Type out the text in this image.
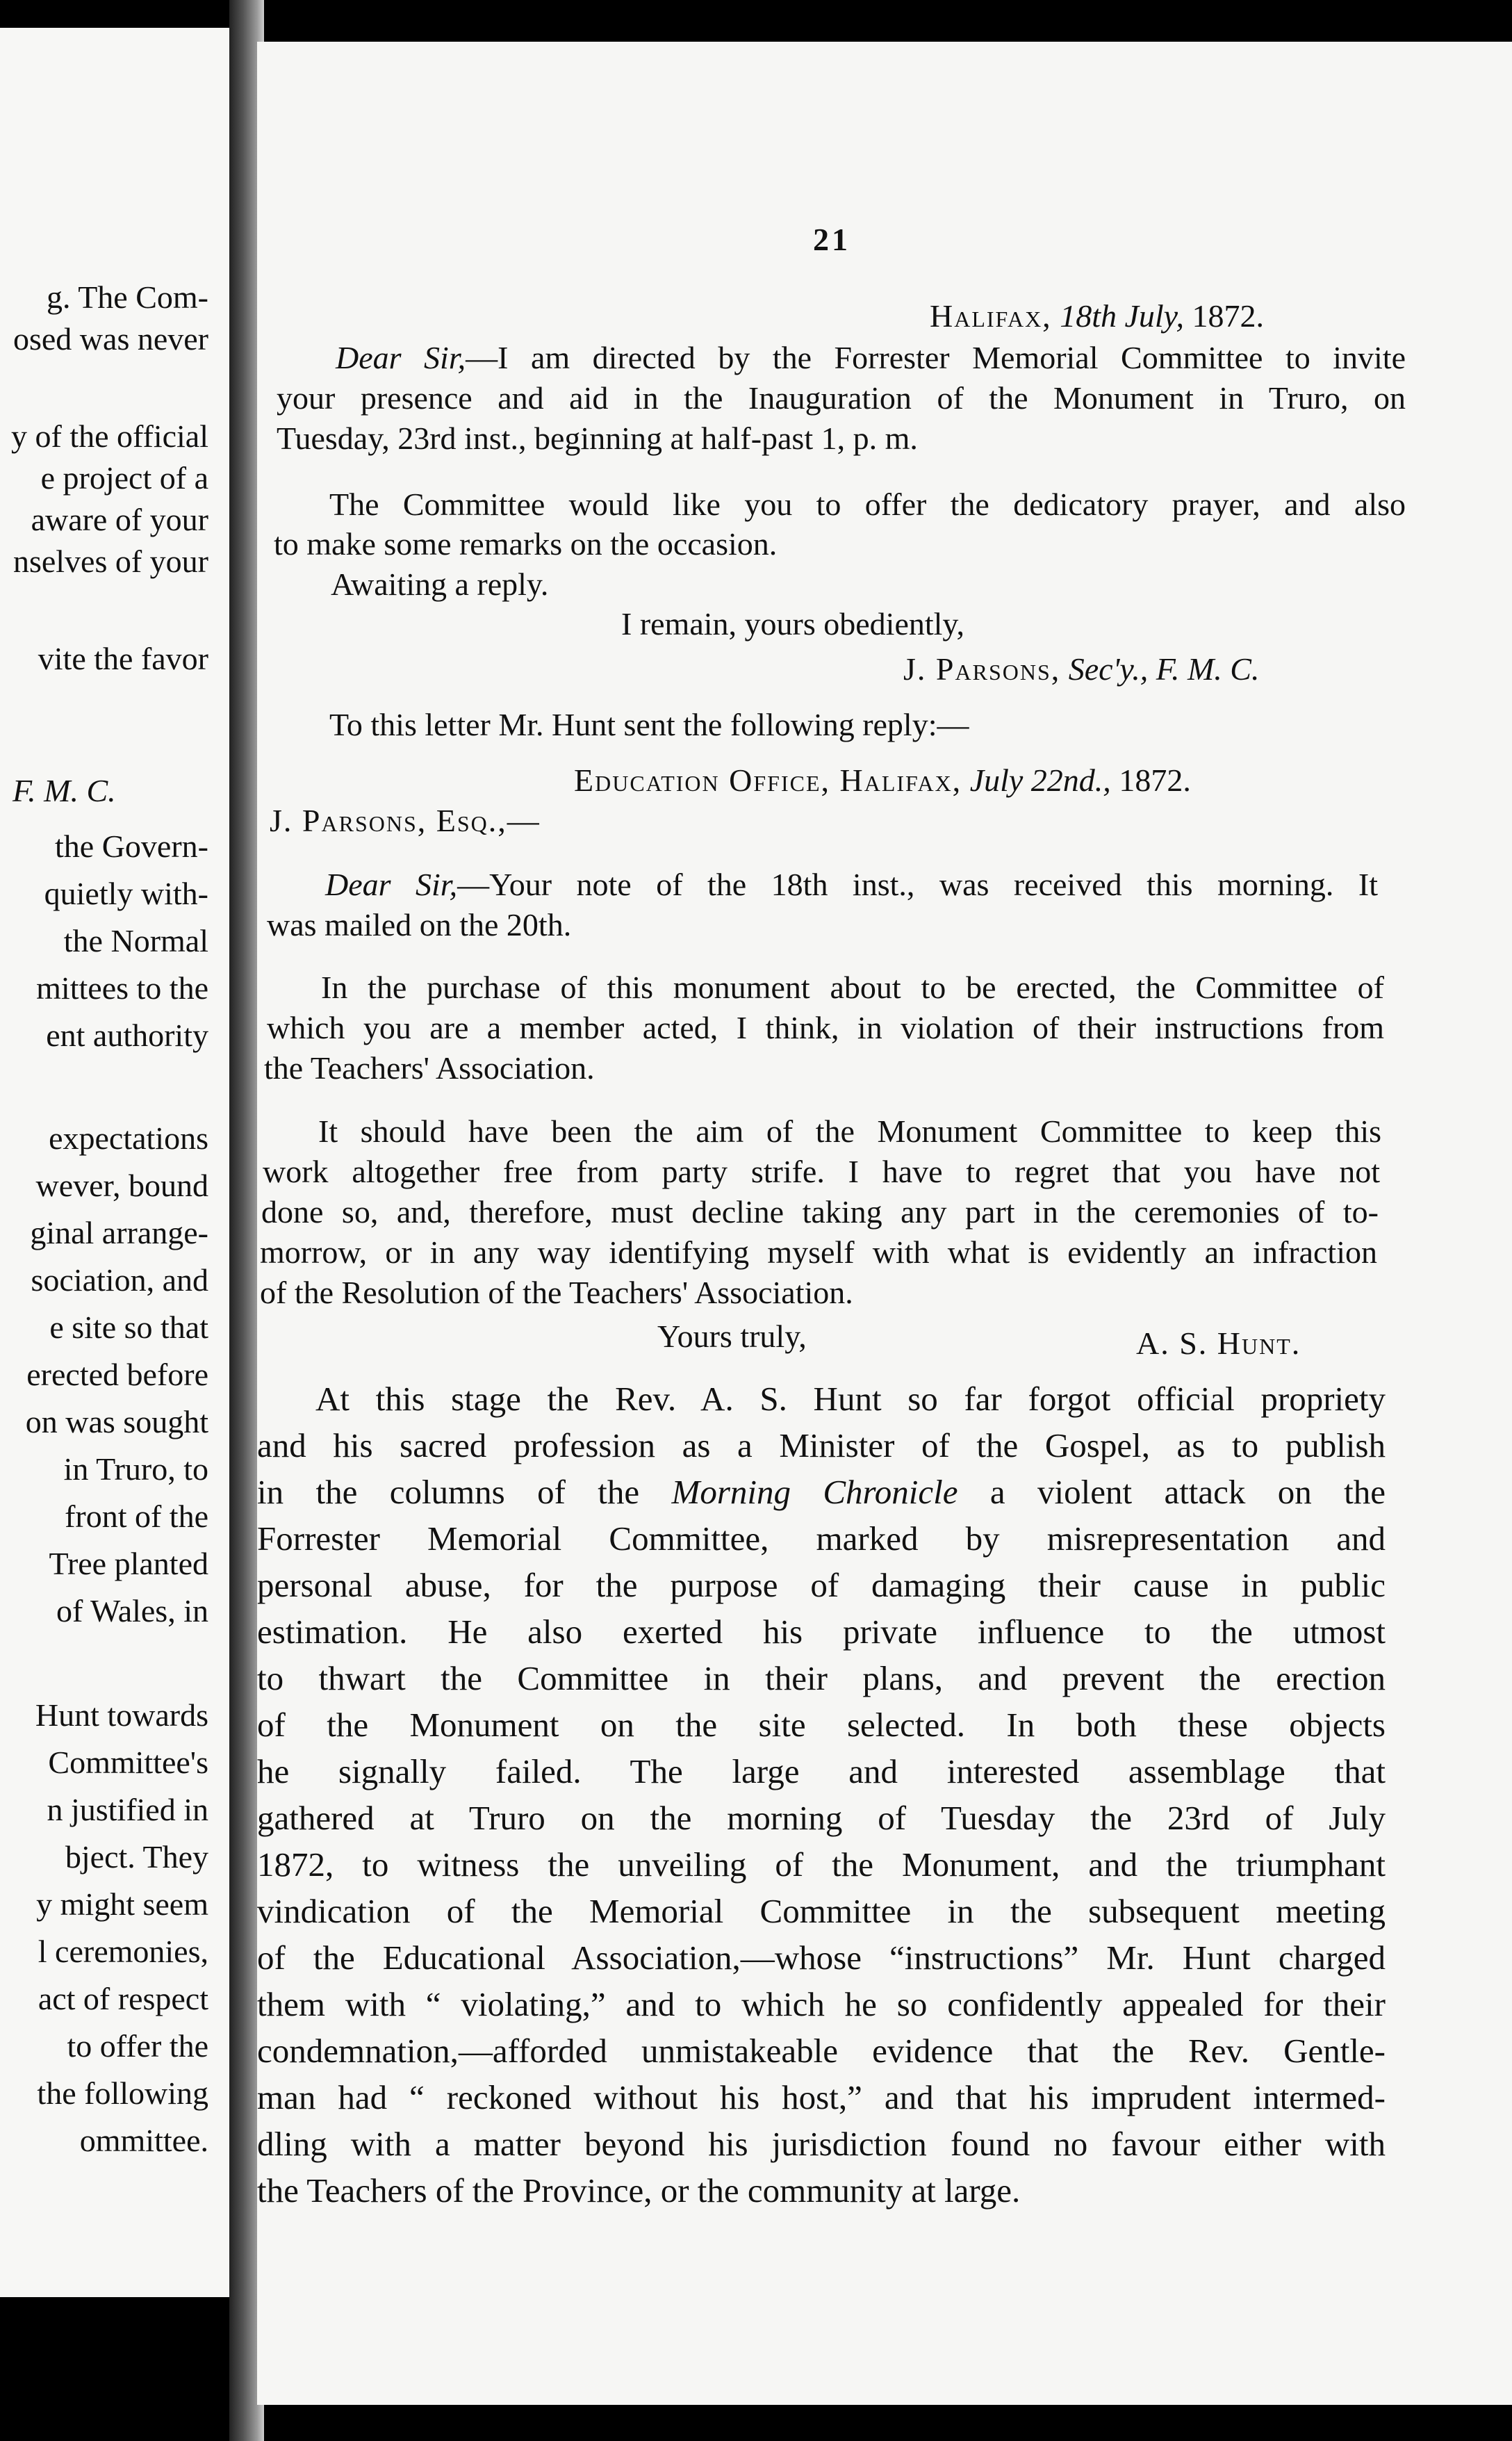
g. The Com-
osed was never
y of the official
e project of a
aware of your
nselves of your
vite the favor
F. M. C.
the Govern-
quietly with-
the Normal
mittees to the
ent authority
expectations
wever, bound
ginal arrange-
sociation, and
e site so that
erected before
on was sought
in Truro, to
front of the
Tree planted
of Wales, in
Hunt towards
Committee's
n justified in
bject. They
y might seem
l ceremonies,
act of respect
to offer the
the following
ommittee.
21
Halifax, 18th July, 1872.
Dear Sir,—I am directed by the Forrester Memorial Committee to invite
your presence and aid in the Inauguration of the Monument in Truro, on
Tuesday, 23rd inst., beginning at half-past 1, p. m.
The Committee would like you to offer the dedicatory prayer, and also
to make some remarks on the occasion.
Awaiting a reply.
I remain, yours obediently,
J. Parsons, Sec'y., F. M. C.
To this letter Mr. Hunt sent the following reply:—
Education Office, Halifax, July 22nd., 1872.
J. Parsons, Esq.,—
Dear Sir,—Your note of the 18th inst., was received this morning. It
was mailed on the 20th.
In the purchase of this monument about to be erected, the Committee of
which you are a member acted, I think, in violation of their instructions from
the Teachers' Association.
It should have been the aim of the Monument Committee to keep this
work altogether free from party strife. I have to regret that you have not
done so, and, therefore, must decline taking any part in the ceremonies of to-
morrow, or in any way identifying myself with what is evidently an infraction
of the Resolution of the Teachers' Association.
Yours truly,	A. S. Hunt.
At this stage the Rev. A. S. Hunt so far forgot official propriety
and his sacred profession as a Minister of the Gospel, as to publish
in the columns of the Morning Chronicle a violent attack on the
Forrester Memorial Committee, marked by misrepresentation and
personal abuse, for the purpose of damaging their cause in public
estimation. He also exerted his private influence to the utmost
to thwart the Committee in their plans, and prevent the erection
of the Monument on the site selected. In both these objects
he signally failed. The large and interested assemblage that
gathered at Truro on the morning of Tuesday the 23rd of July
1872, to witness the unveiling of the Monument, and the triumphant
vindication of the Memorial Committee in the subsequent meeting
of the Educational Association,—whose “instructions” Mr. Hunt charged
them with “ violating,” and to which he so confidently appealed for their
condemnation,—afforded unmistakeable evidence that the Rev. Gentle-
man had “ reckoned without his host,” and that his imprudent intermed-
dling with a matter beyond his jurisdiction found no favour either with
the Teachers of the Province, or the community at large.
